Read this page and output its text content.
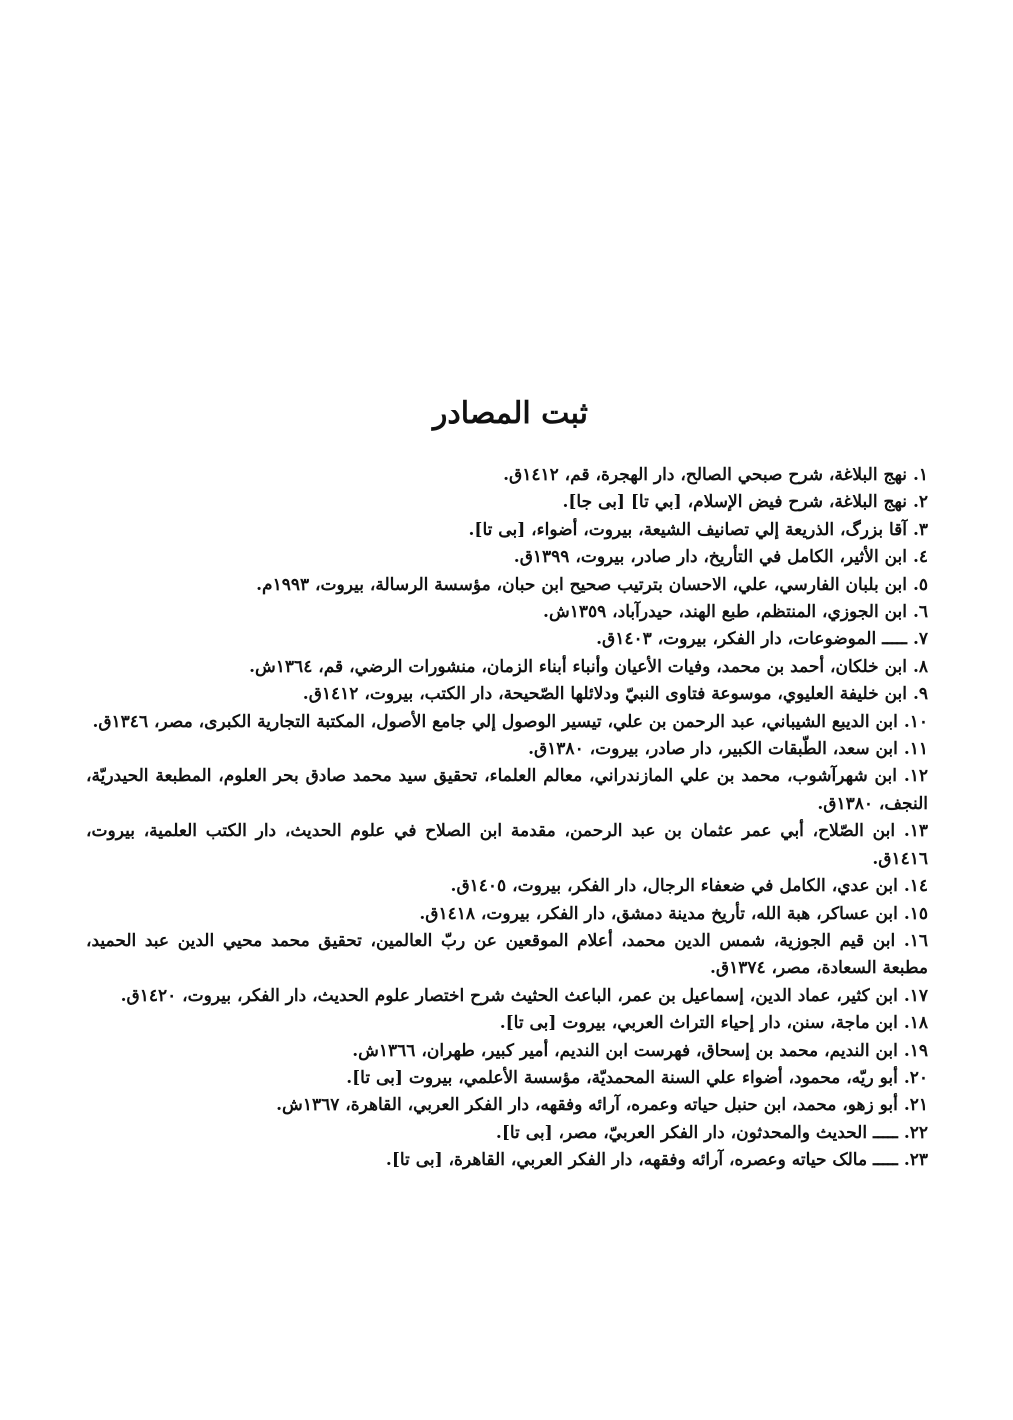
ثبت المصادر
١. نهج البلاغة، شرح صبحي الصالح، دار الهجرة، قم، ١٤١٢ق.
٢. نهج البلاغة، شرح فيض الإسلام، [بي تا] [بی جا].
٣. آقا بزرگ، الذريعة إلي تصانيف الشيعة، بيروت، أضواء، [بی تا].
٤. ابن الأثير، الكامل في التأريخ، دار صادر، بيروت، ١٣٩٩ق.
٥. ابن بلبان الفارسي، علي، الاحسان بترتيب صحيح ابن حبان، مؤسسة الرسالة، بيروت، ١٩٩٣م.
٦. ابن الجوزي، المنتظم، طبع الهند، حيدرآباد، ١٣٥٩ش.
٧. ـــــ الموضوعات، دار الفكر، بيروت، ١٤٠٣ق.
٨. ابن خلكان، أحمد بن محمد، وفيات الأعيان وأنباء أبناء الزمان، منشورات الرضي، قم، ١٣٦٤ش.
٩. ابن خليفة العليوي، موسوعة فتاوى النبيّ ودلائلها الصّحيحة، دار الكتب، بيروت، ١٤١٢ق.
١٠. ابن الديبع الشيباني، عبد الرحمن بن علي، تيسير الوصول إلي جامع الأصول، المكتبة التجارية الكبرى، مصر، ١٣٤٦ق.
١١. ابن سعد، الطّبقات الكبير، دار صادر، بيروت، ١٣٨٠ق.
١٢. ابن شهرآشوب، محمد بن علي المازندراني، معالم العلماء، تحقيق سيد محمد صادق بحر العلوم، المطبعة الحيدريّة، النجف، ١٣٨٠ق.
١٣. ابن الصّلاح، أبي عمر عثمان بن عبد الرحمن، مقدمة ابن الصلاح في علوم الحديث، دار الكتب العلمية، بيروت، ١٤١٦ق.
١٤. ابن عدي، الكامل في ضعفاء الرجال، دار الفكر، بيروت، ١٤٠٥ق.
١٥. ابن عساكر، هبة الله، تأريخ مدينة دمشق، دار الفكر، بيروت، ١٤١٨ق.
١٦. ابن قيم الجوزية، شمس الدين محمد، أعلام الموقعين عن ربّ العالمين، تحقيق محمد محيي الدين عبد الحميد، مطبعة السعادة، مصر، ١٣٧٤ق.
١٧. ابن كثير، عماد الدين، إسماعيل بن عمر، الباعث الحثيث شرح اختصار علوم الحديث، دار الفكر، بيروت، ١٤٢٠ق.
١٨. ابن ماجة، سنن، دار إحياء التراث العربي، بيروت [بی تا].
١٩. ابن النديم، محمد بن إسحاق، فهرست ابن النديم، أمير كبير، طهران، ١٣٦٦ش.
٢٠. أبو ريّه، محمود، أضواء علي السنة المحمديّة، مؤسسة الأعلمي، بيروت [بی تا].
٢١. أبو زهو، محمد، ابن حنبل حياته وعمره، آرائه وفقهه، دار الفكر العربي، القاهرة، ١٣٦٧ش.
٢٢. ـــــ الحديث والمحدثون، دار الفكر العربيّ، مصر، [بی تا].
٢٣. ـــــ مالک حياته وعصره، آرائه وفقهه، دار الفكر العربي، القاهرة، [بی تا].
